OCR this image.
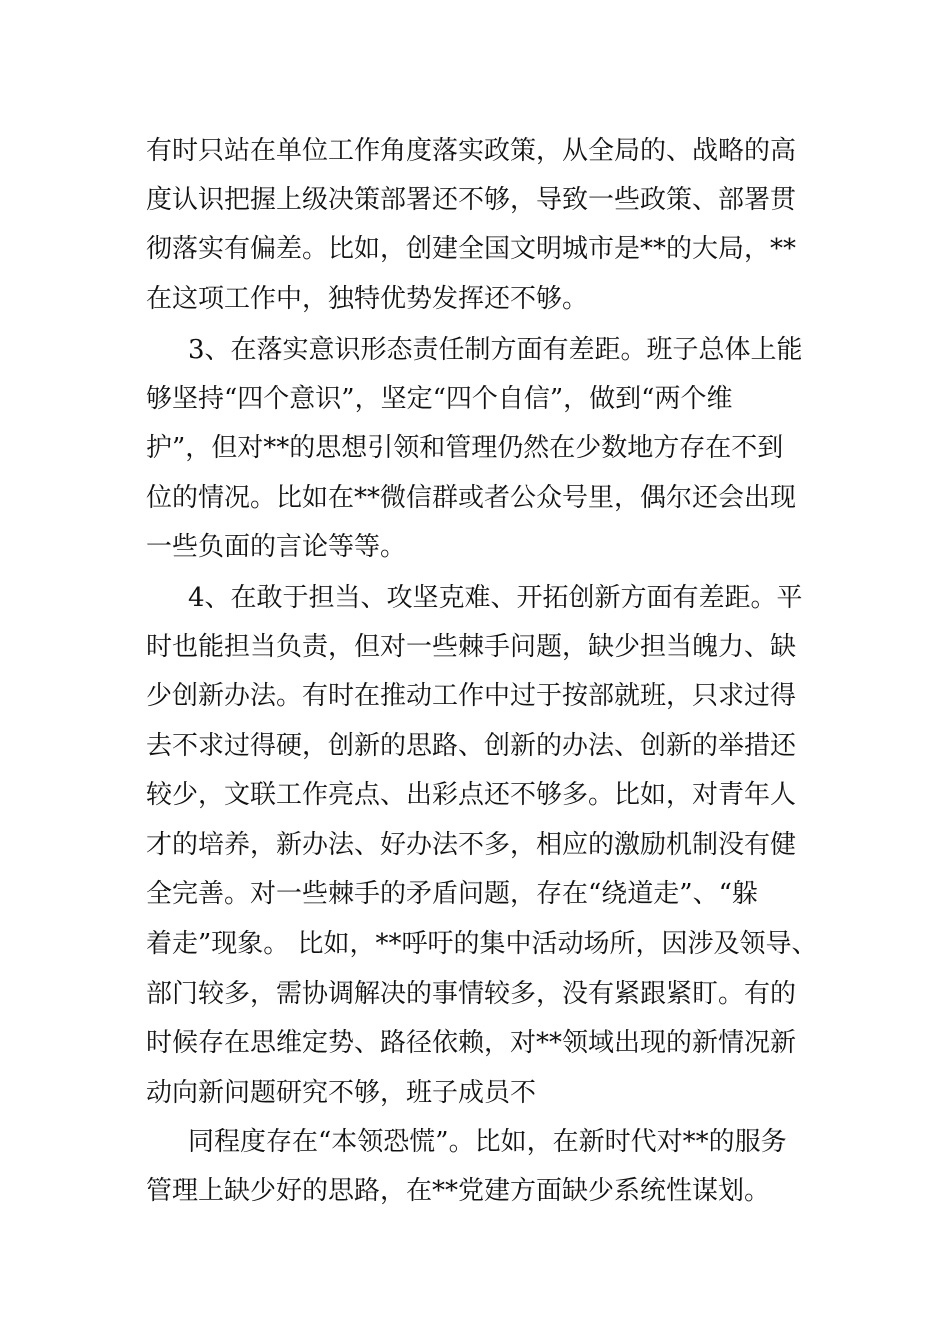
有时只站在单位工作角度落实政策，从全局的、战略的高

度认识把握上级决策部署还不够，导致一些政策、部署贯

彻落实有偏差。比如，创建全国文明城市是**的大局，**

在这项工作中，独特优势发挥还不够。

3、在落实意识形态责任制方面有差距。班子总体上能

够坚持“四个意识”，坚定“四个自信”，做到“两个维

护”，但对**的思想引领和管理仍然在少数地方存在不到

位的情况。比如在**微信群或者公众号里，偶尔还会出现

一些负面的言论等等。

4、在敢于担当、攻坚克难、开拓创新方面有差距。平

时也能担当负责，但对一些棘手问题，缺少担当魄力、缺

少创新办法。有时在推动工作中过于按部就班，只求过得

去不求过得硬，创新的思路、创新的办法、创新的举措还

较少，文联工作亮点、出彩点还不够多。比如，对青年人

才的培养，新办法、好办法不多，相应的激励机制没有健

全完善。对一些棘手的矛盾问题，存在“绕道走”、“躲

着走”现象。 比如，**呼吁的集中活动场所，因涉及领导、

部门较多，需协调解决的事情较多，没有紧跟紧盯。有的

时候存在思维定势、路径依赖，对**领域出现的新情况新

动向新问题研究不够，班子成员不

同程度存在“本领恐慌”。比如，在新时代对**的服务

管理上缺少好的思路，在**党建方面缺少系统性谋划。
